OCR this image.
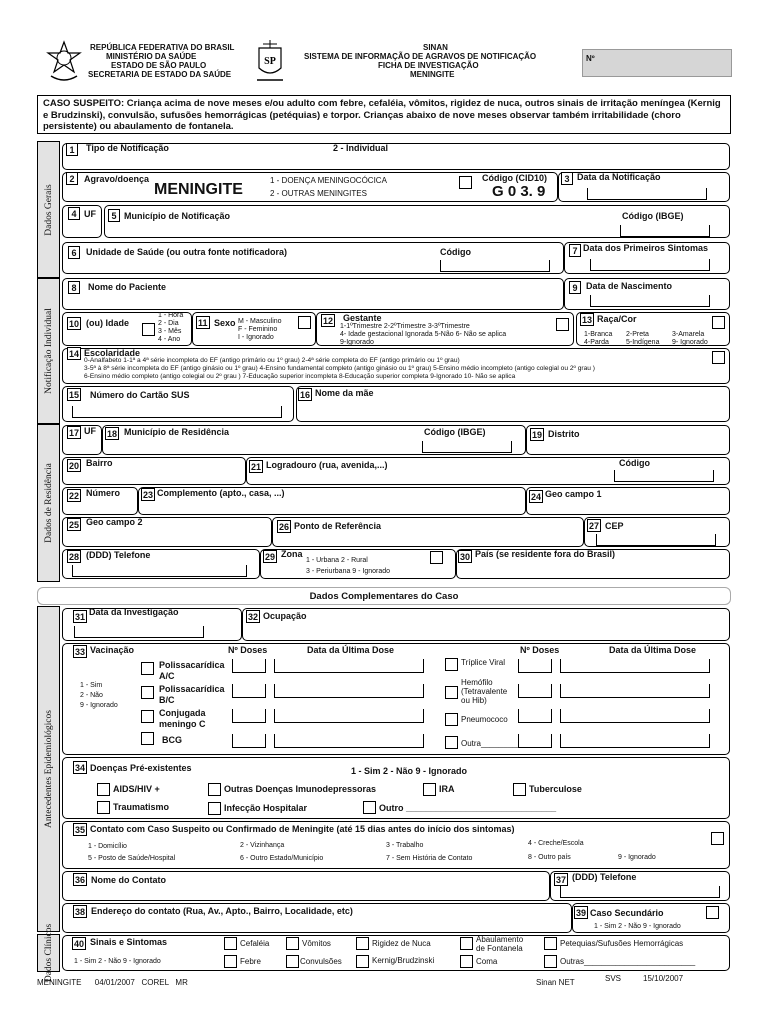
REPÚBLICA FEDERATIVA DO BRASIL
MINISTÉRIO DA SAÚDE
ESTADO DE SÃO PAULO
SECRETARIA DE ESTADO DA SAÚDE
SP
SINAN
SISTEMA DE INFORMAÇÃO DE AGRAVOS DE NOTIFICAÇÃO
FICHA DE INVESTIGAÇÃO
MENINGITE
Nº
CASO SUSPEITO: Criança acima de nove meses e/ou adulto com febre, cefaléia, vômitos, rigidez de nuca, outros sinais de irritação meníngea (Kernig e Brudzinski), convulsão, sufusões hemorrágicas (petéquias) e torpor. Crianças abaixo de nove meses observar também irritabilidade (choro persistente) ou abaulamento de fontanela.
Dados Gerais
Notificação Individual
Dados de Residência
Antecedentes Epidemiológicos
Dados Clínicos
1	Tipo de Notificação	2 - Individual
2	Agravo/doença
MENINGITE
1 - DOENÇA MENINGOCÓCICA
2 - OUTRAS MENINGITES
Código (CID10)
G 0 3. 9
3 Data da Notificação
4 UF	5 Município de Notificação	Código (IBGE)
6	Unidade de Saúde (ou outra fonte notificadora)	Código	7 Data dos Primeiros Sintomas
8	Nome do Paciente	9 Data de Nascimento
10 (ou) Idade
1 - Hora
2 - Dia
3 - Mês
4 - Ano
11 Sexo M - Masculino
F - Feminino
I - Ignorado
12 Gestante
1-1ºTrimestre 2-2ºTrimestre 3-3ºTrimestre
4- Idade gestacional Ignorada 5-Não 6- Não se aplica
9-Ignorado
13 Raça/Cor
1-Branca 2-Preta	3-Amarela
4-Parda 5-Indígena 9- Ignorado
14 Escolaridade
0-Analfabeto 1-1ª a 4ª série incompleta do EF (antigo primário ou 1º grau) 2-4ª série completa do EF (antigo primário ou 1º grau)
3-5ª à 8ª série incompleta do EF (antigo ginásio ou 1º grau) 4-Ensino fundamental completo (antigo ginásio ou 1º grau) 5-Ensino médio incompleto (antigo colegial ou 2º grau )
6-Ensino médio completo (antigo colegial ou 2º grau ) 7-Educação superior incompleta 8-Educação superior completa 9-Ignorado 10- Não se aplica
15 Número do Cartão SUS	16 Nome da mãe
17 UF 18 Município de Residência	Código (IBGE)	19 Distrito
20 Bairro	21 Logradouro (rua, avenida,...)	Código
22 Número	23 Complemento (apto., casa, ...)	24 Geo campo 1
25 Geo campo 2	26 Ponto de Referência	27 CEP
28 (DDD) Telefone	29 Zona
1 - Urbana 2 - Rural
3 - Periurbana 9 - Ignorado
30 País (se residente fora do Brasil)
Dados Complementares do Caso
31 Data da Investigação	32 Ocupação
33 Vacinação	Nº Doses	Data da Última Dose	Nº Doses	Data da Última Dose
1 - Sim
2 - Não
9 - Ignorado
Polissacarídica A/C
Polissacarídica B/C
Conjugada meningo C
BCG
Tríplice Viral
Hemófilo (Tetravalente ou Hib)
Pneumococo
Outra______________
34 Doenças Pré-existentes	1 - Sim 2 - Não 9 - Ignorado
AIDS/HIV +	Outras Doenças Imunodepressoras	IRA	Tuberculose
Traumatismo	Infecção Hospitalar	Outro ______________________________
35 Contato com Caso Suspeito ou Confirmado de Meningite (até 15 dias antes do início dos sintomas)
1 - Domicílio	2 - Vizinhança	3 - Trabalho	4 - Creche/Escola
5 - Posto de Saúde/Hospital	6 - Outro Estado/Município	7 - Sem História de Contato	8 - Outro país	9 - Ignorado
36 Nome do Contato	37 (DDD) Telefone
38 Endereço do contato (Rua, Av., Apto., Bairro, Localidade, etc)	39 Caso Secundário
1 - Sim 2 - Não 9 - Ignorado
40 Sinais e Sintomas
1 - Sim 2 - Não 9 - Ignorado
Cefaléia	Vômitos	Rigidez de Nuca	Abaulamento de Fontanela
Petequias/Sufusões Hemorrágicas
Febre	Convulsões	Kernig/Brudzinski	Coma	Outras_________________________
MENINGITE      04/01/2007   COREL   MR	Sinan NET	SVS	15/10/2007
